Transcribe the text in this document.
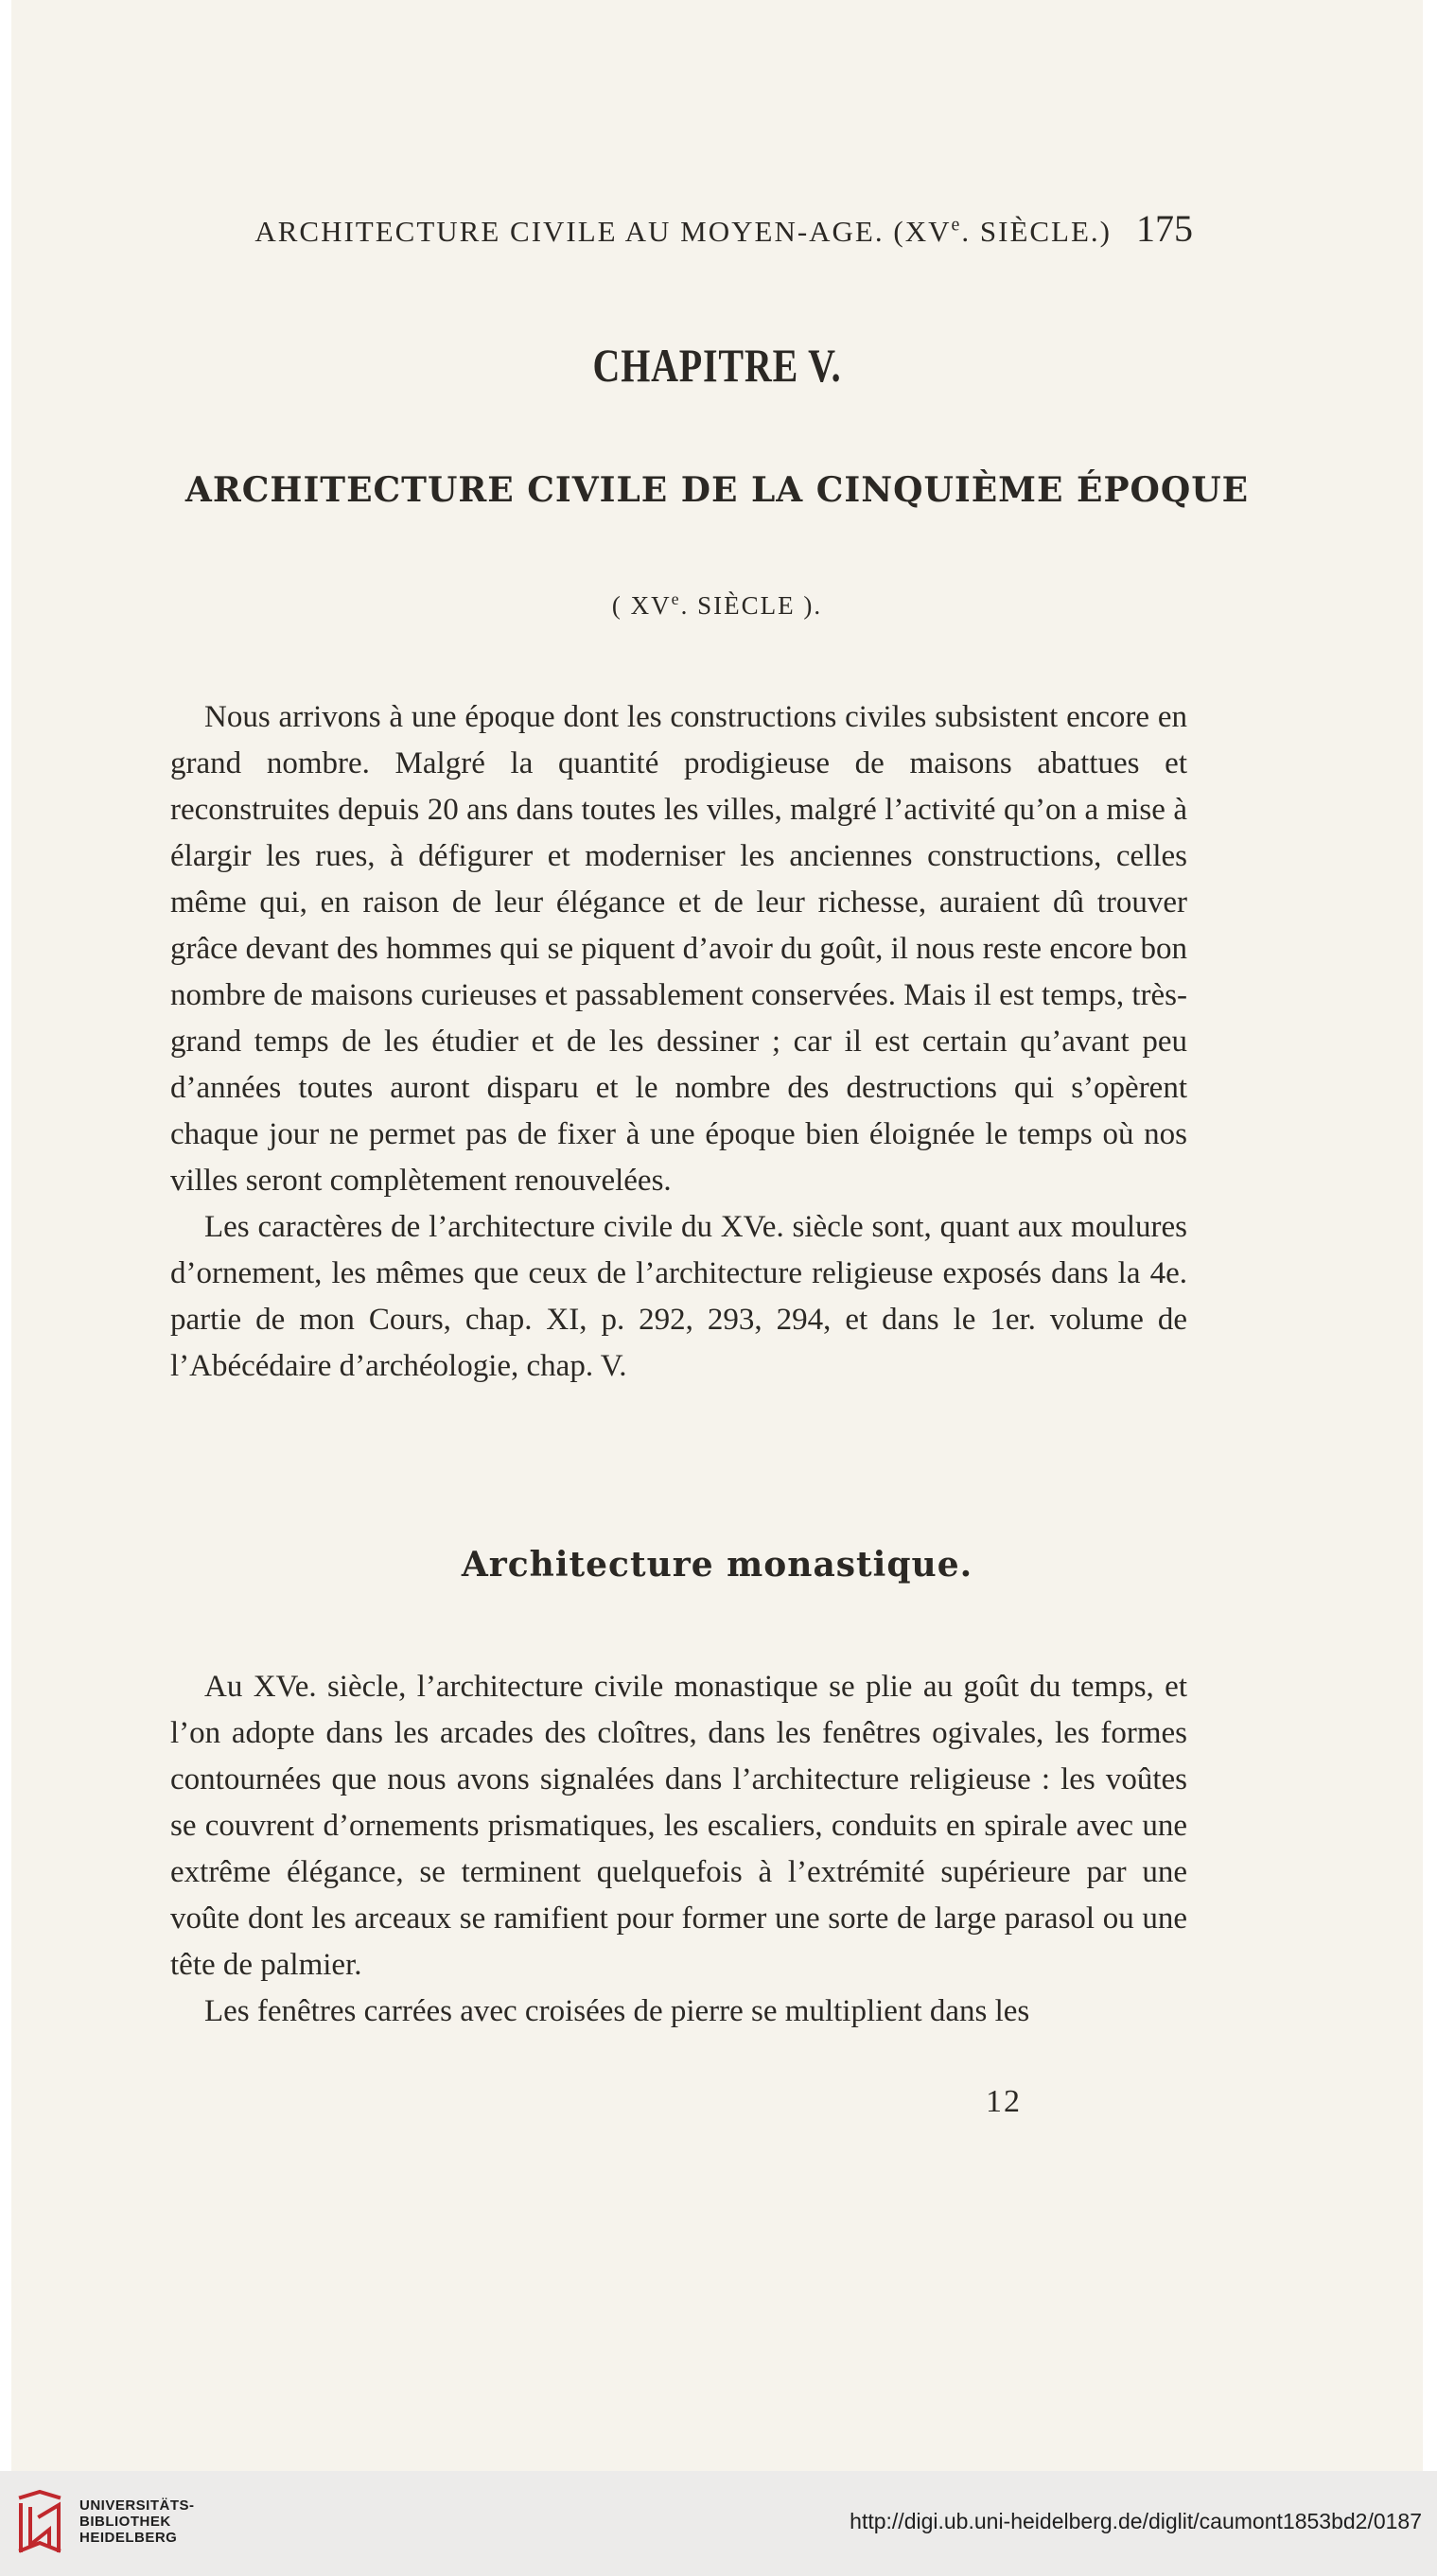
ARCHITECTURE CIVILE AU MOYEN-AGE. (XVe. SIÈCLE.) 175
CHAPITRE V.
ARCHITECTURE CIVILE DE LA CINQUIÈME ÉPOQUE
( XVe. SIÈCLE ).

Nous arrivons à une époque dont les constructions civiles subsistent encore en grand nombre. Malgré la quantité prodigieuse de maisons abattues et reconstruites depuis 20 ans dans toutes les villes, malgré l’activité qu’on a mise à élargir les rues, à défigurer et moderniser les anciennes constructions, celles même qui, en raison de leur élégance et de leur richesse, auraient dû trouver grâce devant des hommes qui se piquent d’avoir du goût, il nous reste encore bon nombre de maisons curieuses et passablement conservées. Mais il est temps, très-grand temps de les étudier et de les dessiner ; car il est certain qu’avant peu d’années toutes auront disparu et le nombre des destructions qui s’opèrent chaque jour ne permet pas de fixer à une époque bien éloignée le temps où nos villes seront complètement renouvelées.

Les caractères de l’architecture civile du XVe. siècle sont, quant aux moulures d’ornement, les mêmes que ceux de l’architecture religieuse exposés dans la 4e. partie de mon Cours, chap. XI, p. 292, 293, 294, et dans le 1er. volume de l’Abécédaire d’archéologie, chap. V.

Architecture monastique.

Au XVe. siècle, l’architecture civile monastique se plie au goût du temps, et l’on adopte dans les arcades des cloîtres, dans les fenêtres ogivales, les formes contournées que nous avons signalées dans l’architecture religieuse : les voûtes se couvrent d’ornements prismatiques, les escaliers, conduits en spirale avec une extrême élégance, se terminent quelquefois à l’extrémité supérieure par une voûte dont les arceaux se ramifient pour former une sorte de large parasol ou une tête de palmier.

Les fenêtres carrées avec croisées de pierre se multiplient dans les

12
UNIVERSITÄTS-
BIBLIOTHEK
HEIDELBERG
http://digi.ub.uni-heidelberg.de/diglit/caumont1853bd2/0187
